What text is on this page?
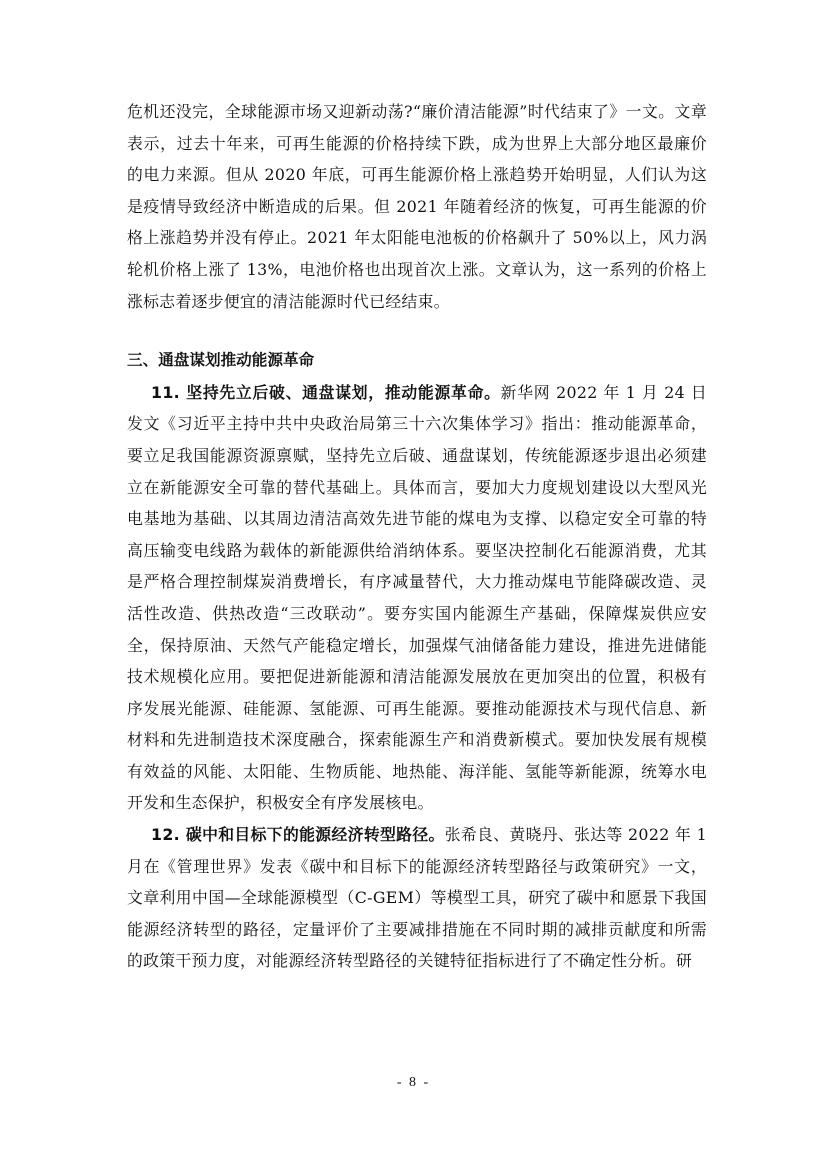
危机还没完，全球能源市场又迎新动荡?“廉价清洁能源”时代结束了》一文。文章表示，过去十年来，可再生能源的价格持续下跌，成为世界上大部分地区最廉价的电力来源。但从 2020 年底，可再生能源价格上涨趋势开始明显，人们认为这是疫情导致经济中断造成的后果。但 2021 年随着经济的恢复，可再生能源的价格上涨趋势并没有停止。2021 年太阳能电池板的价格飙升了 50%以上，风力涡轮机价格上涨了 13%，电池价格也出现首次上涨。文章认为，这一系列的价格上涨标志着逐步便宜的清洁能源时代已经结束。

三、通盘谋划推动能源革命

11. 坚持先立后破、通盘谋划，推动能源革命。新华网 2022 年 1 月 24 日发文《习近平主持中共中央政治局第三十六次集体学习》指出：推动能源革命，要立足我国能源资源禀赋，坚持先立后破、通盘谋划，传统能源逐步退出必须建立在新能源安全可靠的替代基础上。具体而言，要加大力度规划建设以大型风光电基地为基础、以其周边清洁高效先进节能的煤电为支撑、以稳定安全可靠的特高压输变电线路为载体的新能源供给消纳体系。要坚决控制化石能源消费，尤其是严格合理控制煤炭消费增长，有序减量替代，大力推动煤电节能降碳改造、灵活性改造、供热改造“三改联动”。要夯实国内能源生产基础，保障煤炭供应安全，保持原油、天然气产能稳定增长，加强煤气油储备能力建设，推进先进储能技术规模化应用。要把促进新能源和清洁能源发展放在更加突出的位置，积极有序发展光能源、硅能源、氢能源、可再生能源。要推动能源技术与现代信息、新材料和先进制造技术深度融合，探索能源生产和消费新模式。要加快发展有规模有效益的风能、太阳能、生物质能、地热能、海洋能、氢能等新能源，统筹水电开发和生态保护，积极安全有序发展核电。

12. 碳中和目标下的能源经济转型路径。张希良、黄晓丹、张达等 2022 年 1 月在《管理世界》发表《碳中和目标下的能源经济转型路径与政策研究》一文，文章利用中国—全球能源模型（C-GEM）等模型工具，研究了碳中和愿景下我国能源经济转型的路径，定量评价了主要减排措施在不同时期的减排贡献度和所需的政策干预力度，对能源经济转型路径的关键特征指标进行了不确定性分析。研

- 8 -
